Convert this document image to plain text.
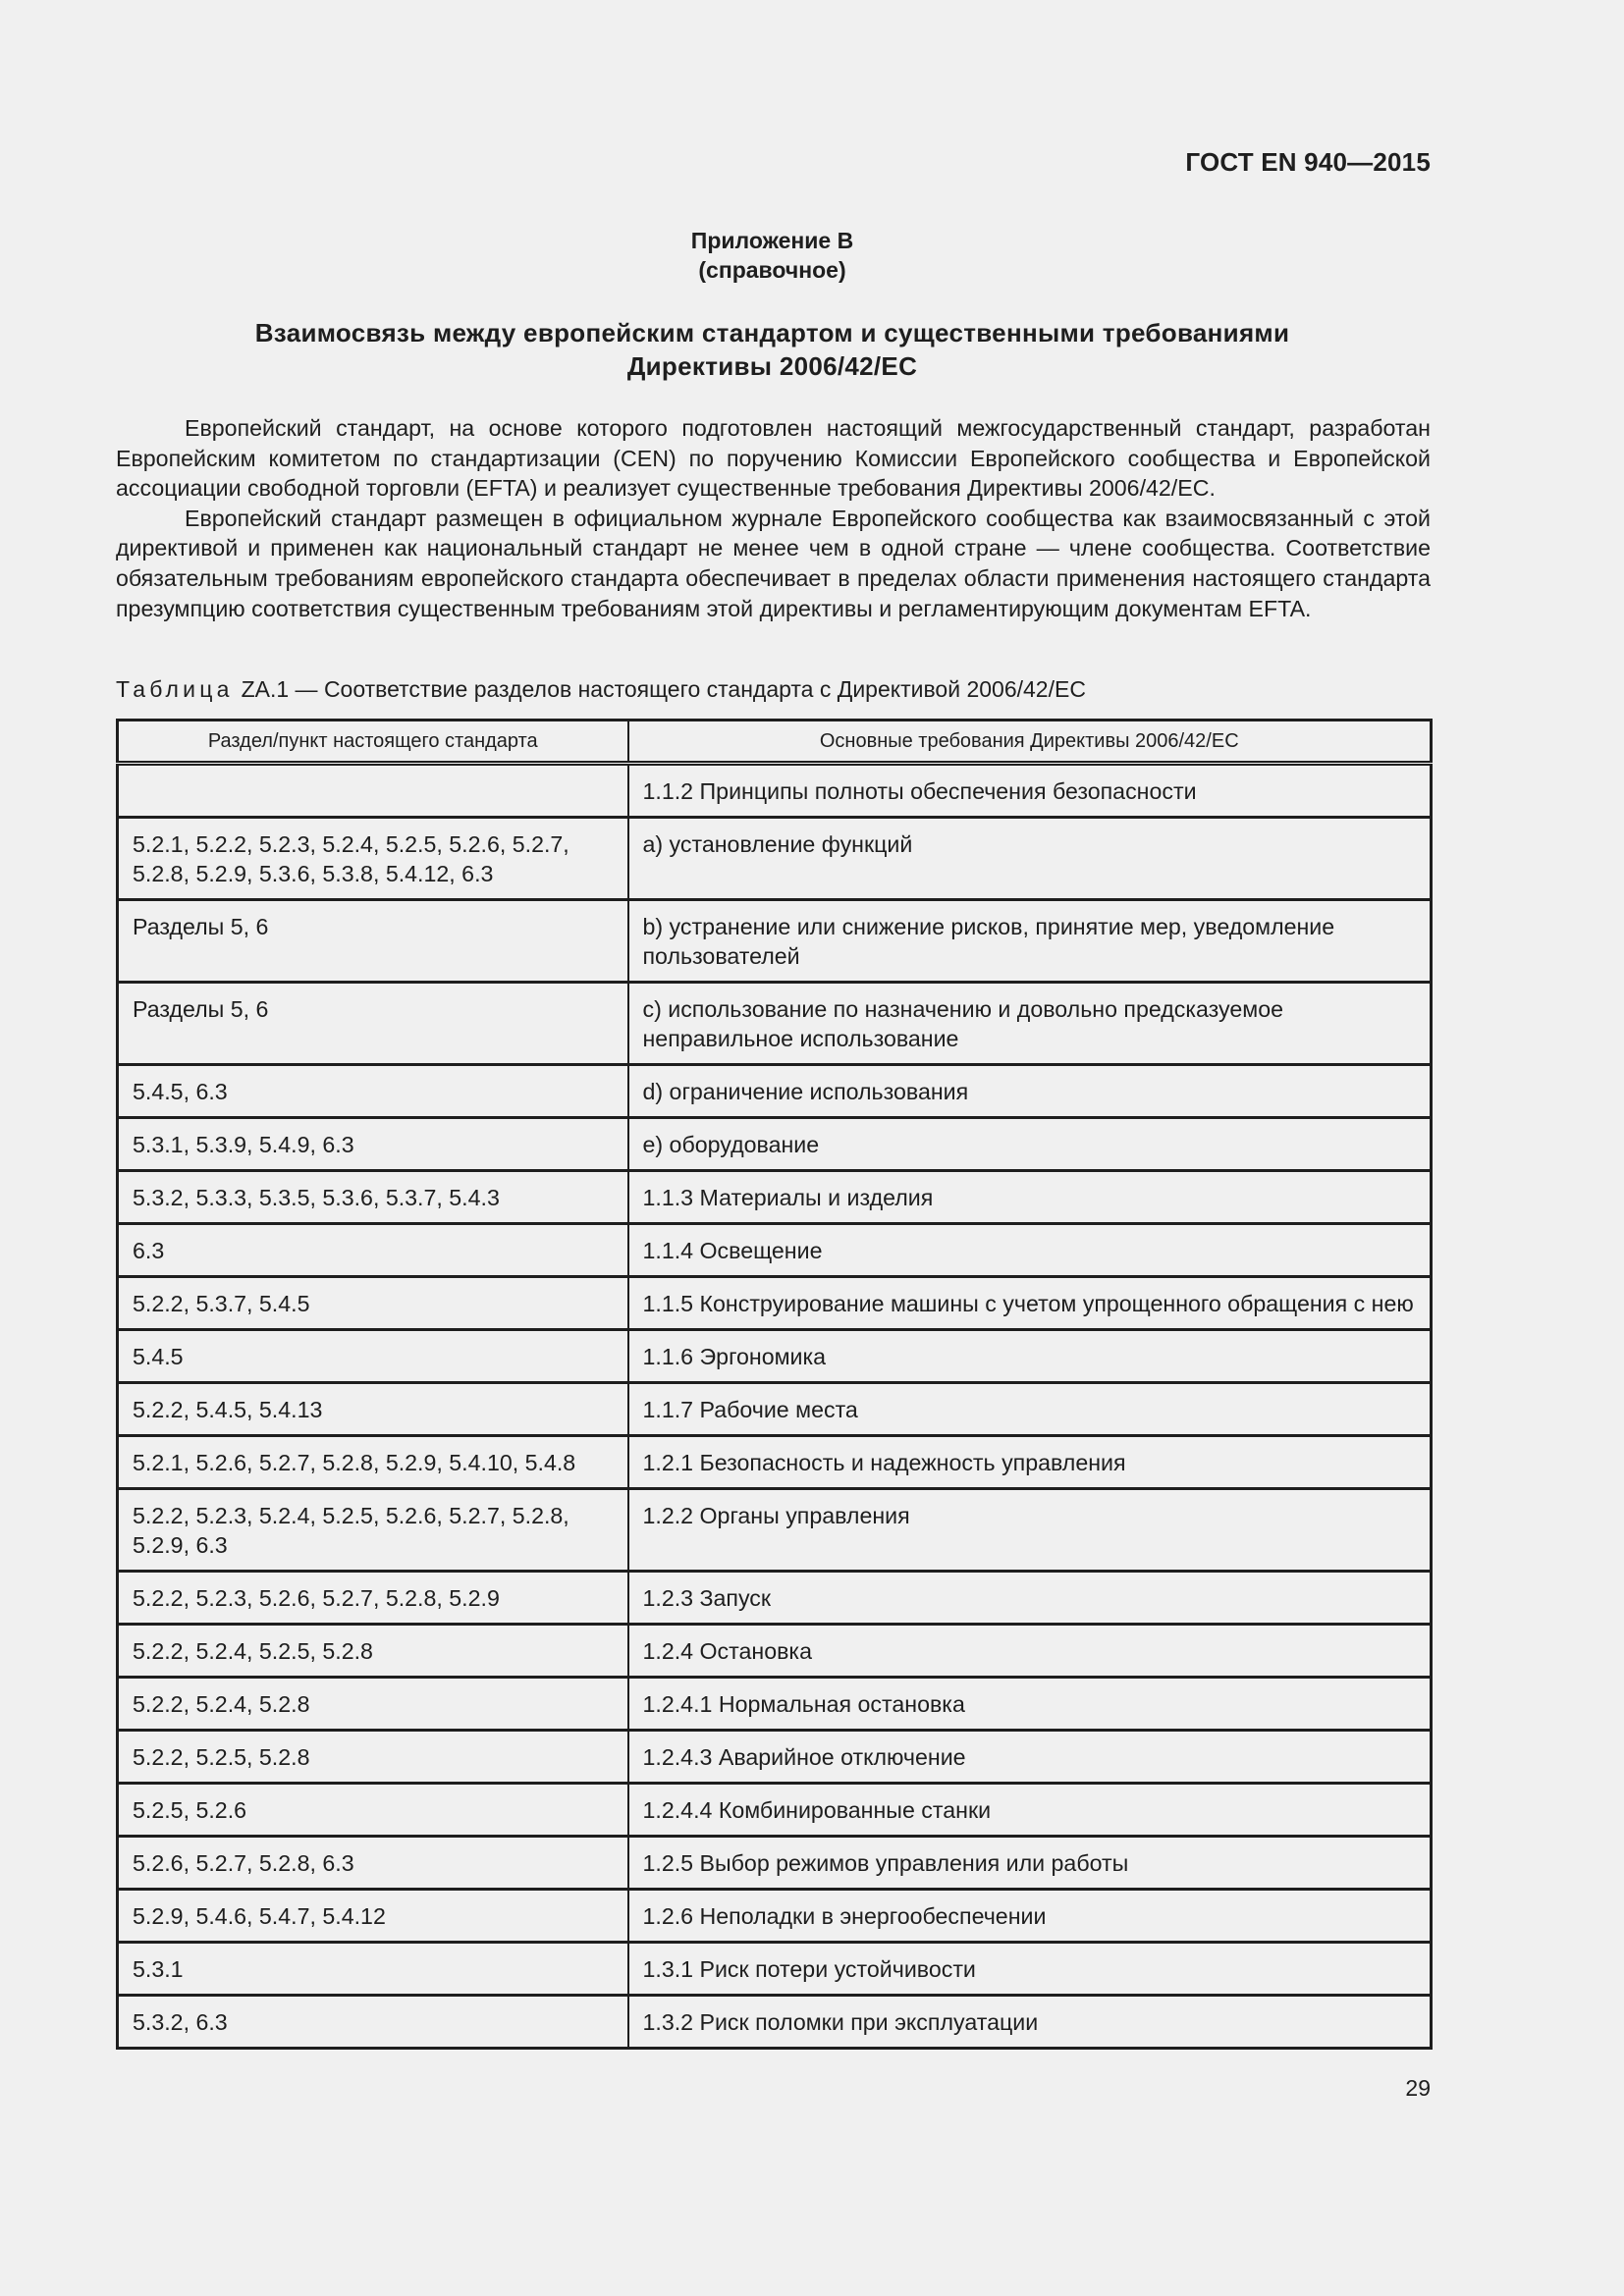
ГОСТ EN 940—2015
Приложение В
(справочное)
Взаимосвязь между европейским стандартом и существенными требованиями
Директивы 2006/42/ЕС

Европейский стандарт, на основе которого подготовлен настоящий межгосударственный стандарт, разработан Европейским комитетом по стандартизации (CEN) по поручению Комиссии Европейского сообщества и Европейской ассоциации свободной торговли (EFTA) и реализует существенные требования Директивы 2006/42/ЕС.

Европейский стандарт размещен в официальном журнале Европейского сообщества как взаимосвязанный с этой директивой и применен как национальный стандарт не менее чем в одной стране — члене сообщества. Соответствие обязательным требованиям европейского стандарта обеспечивает в пределах области применения настоящего стандарта презумпцию соответствия существенным требованиям этой директивы и регламентирующим документам EFTA.

Таблица ZA.1 — Соответствие разделов настоящего стандарта с Директивой 2006/42/ЕС
Раздел/пункт настоящего стандарта	Основные требования Директивы 2006/42/ЕС
	1.1.2 Принципы полноты обеспечения безопасности
5.2.1, 5.2.2, 5.2.3, 5.2.4, 5.2.5, 5.2.6, 5.2.7, 5.2.8, 5.2.9, 5.3.6, 5.3.8, 5.4.12, 6.3	a) установление функций
Разделы 5, 6	b) устранение или снижение рисков, принятие мер, уведомление пользователей
Разделы 5, 6	c) использование по назначению и довольно предсказуемое неправильное использование
5.4.5, 6.3	d) ограничение использования
5.3.1, 5.3.9, 5.4.9, 6.3	e) оборудование
5.3.2, 5.3.3, 5.3.5, 5.3.6, 5.3.7, 5.4.3	1.1.3 Материалы и изделия
6.3	1.1.4 Освещение
5.2.2, 5.3.7, 5.4.5	1.1.5 Конструирование машины с учетом упрощенного обращения с нею
5.4.5	1.1.6 Эргономика
5.2.2, 5.4.5, 5.4.13	1.1.7 Рабочие места
5.2.1, 5.2.6, 5.2.7, 5.2.8, 5.2.9, 5.4.10, 5.4.8	1.2.1 Безопасность и надежность управления
5.2.2, 5.2.3, 5.2.4, 5.2.5, 5.2.6, 5.2.7, 5.2.8, 5.2.9, 6.3	1.2.2 Органы управления
5.2.2, 5.2.3, 5.2.6, 5.2.7, 5.2.8, 5.2.9	1.2.3 Запуск
5.2.2, 5.2.4, 5.2.5, 5.2.8	1.2.4 Остановка
5.2.2, 5.2.4, 5.2.8	1.2.4.1 Нормальная остановка
5.2.2, 5.2.5, 5.2.8	1.2.4.3 Аварийное отключение
5.2.5, 5.2.6	1.2.4.4 Комбинированные станки
5.2.6, 5.2.7, 5.2.8, 6.3	1.2.5 Выбор режимов управления или работы
5.2.9, 5.4.6, 5.4.7, 5.4.12	1.2.6 Неполадки в энергообеспечении
5.3.1	1.3.1 Риск потери устойчивости
5.3.2, 6.3	1.3.2 Риск поломки при эксплуатации
29
